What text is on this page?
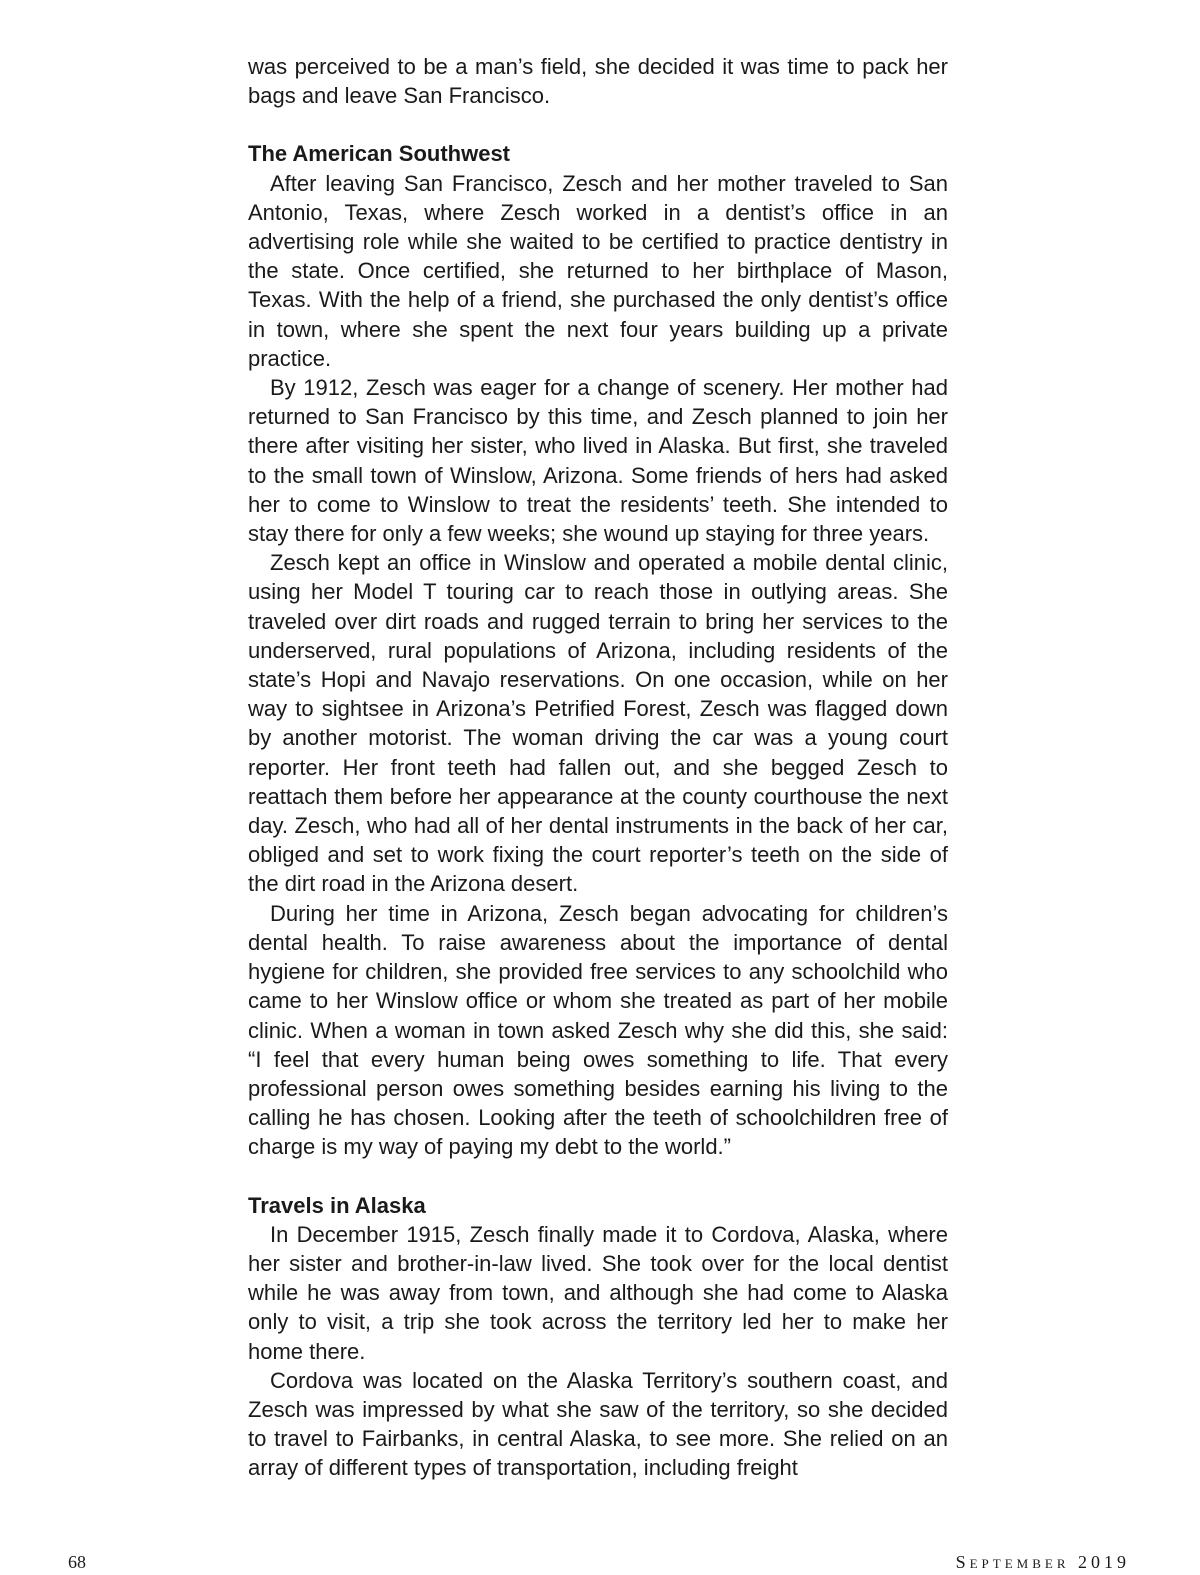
was perceived to be a man’s field, she decided it was time to pack her bags and leave San Francisco.

The American Southwest

After leaving San Francisco, Zesch and her mother traveled to San Antonio, Texas, where Zesch worked in a dentist’s office in an advertising role while she waited to be certified to practice dentistry in the state. Once certified, she returned to her birthplace of Mason, Texas. With the help of a friend, she purchased the only dentist’s office in town, where she spent the next four years building up a private practice.

By 1912, Zesch was eager for a change of scenery. Her mother had returned to San Francisco by this time, and Zesch planned to join her there after visiting her sister, who lived in Alaska. But first, she traveled to the small town of Winslow, Arizona. Some friends of hers had asked her to come to Winslow to treat the residents’ teeth. She intended to stay there for only a few weeks; she wound up staying for three years.

Zesch kept an office in Winslow and operated a mobile dental clinic, using her Model T touring car to reach those in outlying areas. She traveled over dirt roads and rugged terrain to bring her services to the underserved, rural populations of Arizona, including residents of the state’s Hopi and Navajo reservations. On one occasion, while on her way to sightsee in Arizona’s Petrified Forest, Zesch was flagged down by another motorist. The woman driving the car was a young court reporter. Her front teeth had fallen out, and she begged Zesch to reattach them before her appearance at the county courthouse the next day. Zesch, who had all of her dental instruments in the back of her car, obliged and set to work fixing the court reporter’s teeth on the side of the dirt road in the Arizona desert.

During her time in Arizona, Zesch began advocating for children’s dental health. To raise awareness about the importance of dental hygiene for children, she provided free services to any schoolchild who came to her Winslow office or whom she treated as part of her mobile clinic. When a woman in town asked Zesch why she did this, she said: “I feel that every human being owes something to life. That every professional person owes something besides earning his living to the calling he has chosen. Looking after the teeth of schoolchildren free of charge is my way of paying my debt to the world.”

Travels in Alaska

In December 1915, Zesch finally made it to Cordova, Alaska, where her sister and brother-in-law lived. She took over for the local dentist while he was away from town, and although she had come to Alaska only to visit, a trip she took across the territory led her to make her home there.

Cordova was located on the Alaska Territory’s southern coast, and Zesch was impressed by what she saw of the territory, so she decided to travel to Fairbanks, in central Alaska, to see more. She relied on an array of different types of transportation, including freight

68	September 2019
